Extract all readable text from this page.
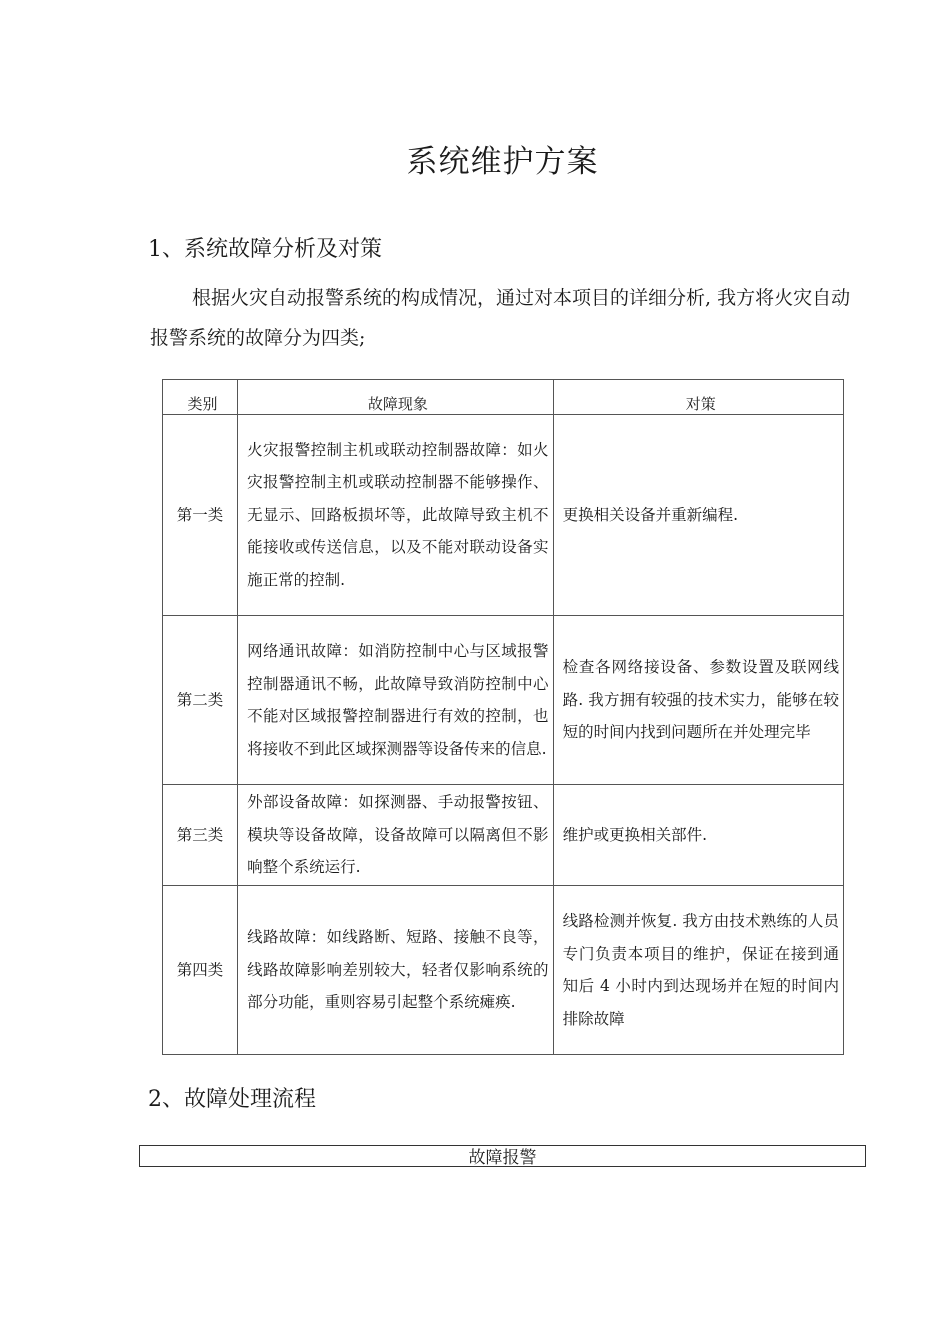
系统维护方案
1、系统故障分析及对策
根据火灾自动报警系统的构成情况，通过对本项目的详细分析, 我方将火灾自动报警系统的故障分为四类;
类别	故障现象	对策
第一类	火灾报警控制主机或联动控制器故障：如火灾报警控制主机或联动控制器不能够操作、无显示、回路板损坏等，此故障导致主机不能接收或传送信息，以及不能对联动设备实施正常的控制.	更换相关设备并重新编程.
第二类	网络通讯故障：如消防控制中心与区域报警控制器通讯不畅，此故障导致消防控制中心不能对区域报警控制器进行有效的控制，也将接收不到此区域探测器等设备传来的信息.	检查各网络接设备、参数设置及联网线路. 我方拥有较强的技术实力，能够在较短的时间内找到问题所在并处理完毕
第三类	外部设备故障：如探测器、手动报警按钮、模块等设备故障，设备故障可以隔离但不影响整个系统运行.	维护或更换相关部件.
第四类	线路故障：如线路断、短路、接触不良等，线路故障影响差别较大，轻者仅影响系统的部分功能，重则容易引起整个系统瘫痪.	线路检测并恢复. 我方由技术熟练的人员专门负责本项目的维护，保证在接到通知后 4 小时内到达现场并在短的时间内排除故障
2、故障处理流程
故障报警
